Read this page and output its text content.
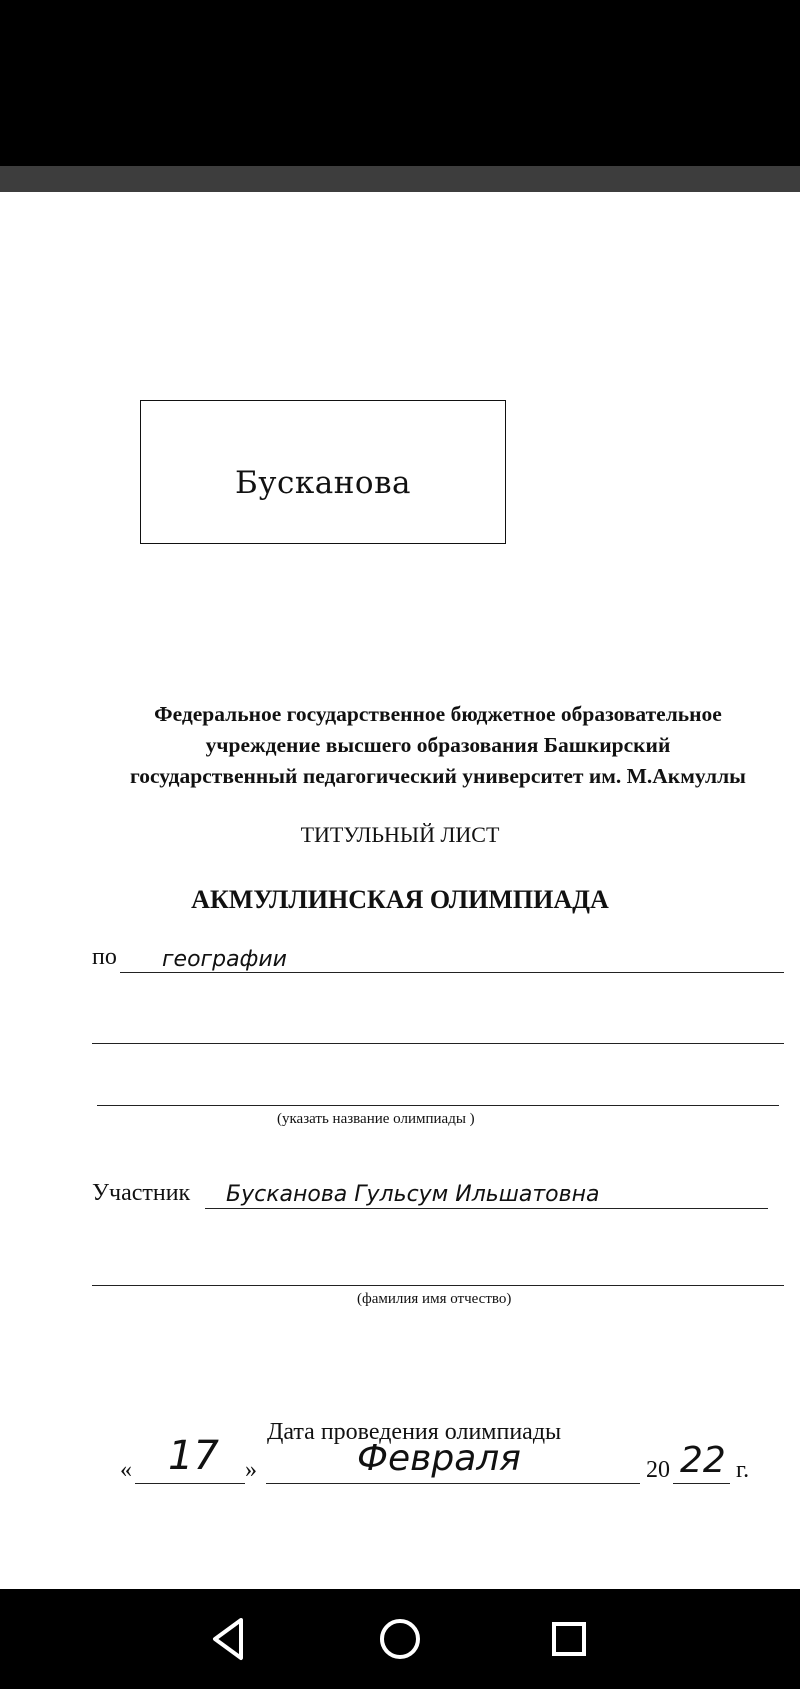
Бусканова
Федеральное государственное бюджетное образовательное
учреждение высшего образования Башкирский
государственный педагогический университет им. М.Акмуллы
ТИТУЛЬНЫЙ ЛИСТ
АКМУЛЛИНСКАЯ ОЛИМПИАДА
по географии
(указать название олимпиады )
Участник Бусканова Гульсум Ильшатовна
(фамилия имя отчество)
Дата проведения олимпиады
« 17 »	Февраля	20 22 г.
